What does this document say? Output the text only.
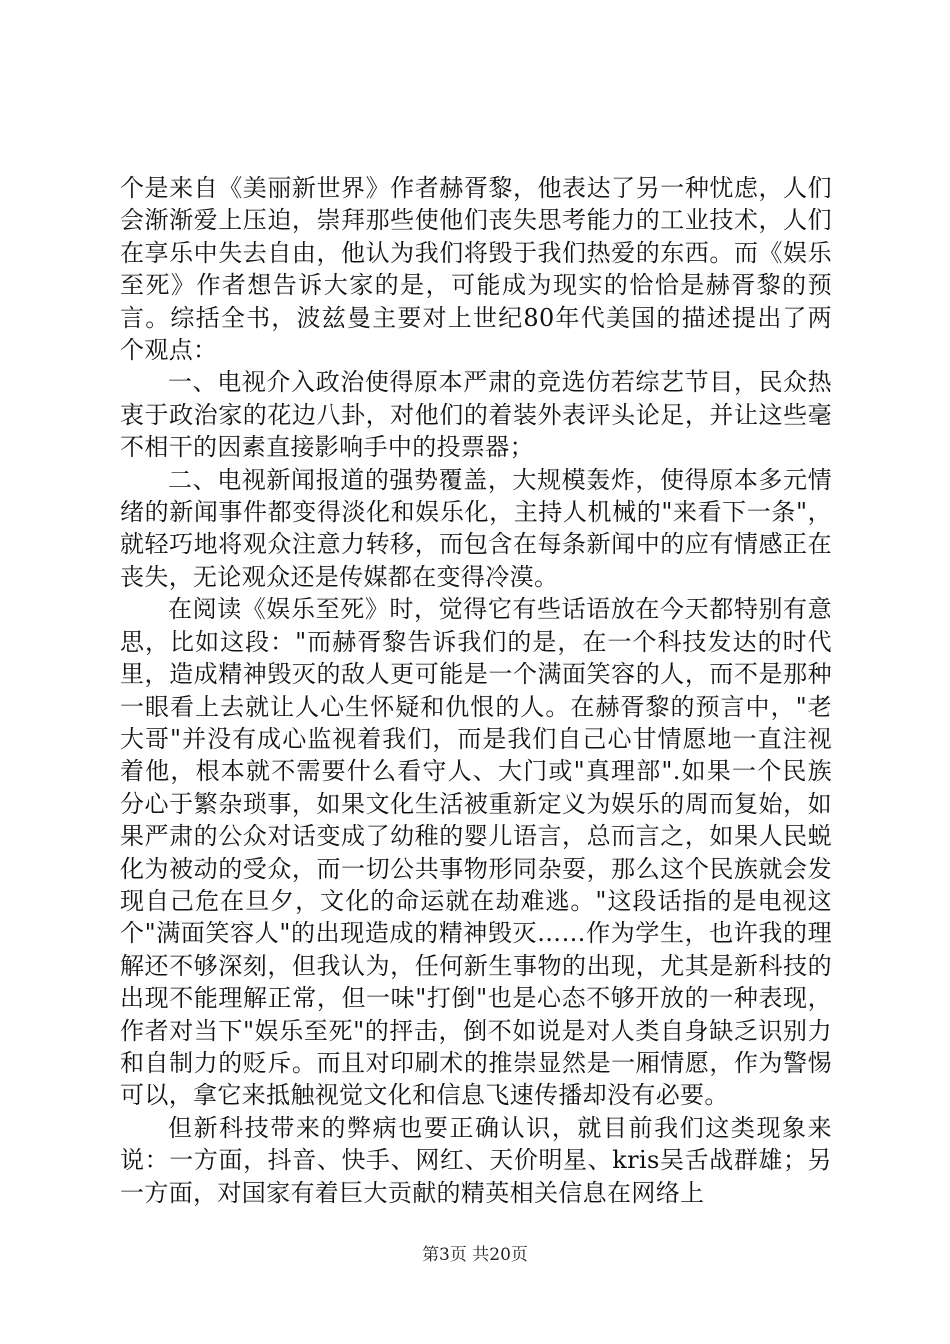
个是来自《美丽新世界》作者赫胥黎，他表达了另一种忧虑，人们会渐渐爱上压迫，崇拜那些使他们丧失思考能力的工业技术，人们在享乐中失去自由，他认为我们将毁于我们热爱的东西。而《娱乐至死》作者想告诉大家的是，可能成为现实的恰恰是赫胥黎的预言。综括全书，波兹曼主要对上世纪80年代美国的描述提出了两个观点：

一、电视介入政治使得原本严肃的竞选仿若综艺节目，民众热衷于政治家的花边八卦，对他们的着装外表评头论足，并让这些毫不相干的因素直接影响手中的投票器；

二、电视新闻报道的强势覆盖，大规模轰炸，使得原本多元情绪的新闻事件都变得淡化和娱乐化，主持人机械的"来看下一条"，就轻巧地将观众注意力转移，而包含在每条新闻中的应有情感正在丧失，无论观众还是传媒都在变得冷漠。

在阅读《娱乐至死》时，觉得它有些话语放在今天都特别有意思，比如这段："而赫胥黎告诉我们的是，在一个科技发达的时代里，造成精神毁灭的敌人更可能是一个满面笑容的人，而不是那种一眼看上去就让人心生怀疑和仇恨的人。在赫胥黎的预言中，"老大哥"并没有成心监视着我们，而是我们自己心甘情愿地一直注视着他，根本就不需要什么看守人、大门或"真理部".如果一个民族分心于繁杂琐事，如果文化生活被重新定义为娱乐的周而复始，如果严肃的公众对话变成了幼稚的婴儿语言，总而言之，如果人民蜕化为被动的受众，而一切公共事物形同杂耍，那么这个民族就会发现自己危在旦夕，文化的命运就在劫难逃。"这段话指的是电视这个"满面笑容人"的出现造成的精神毁灭……作为学生，也许我的理解还不够深刻，但我认为，任何新生事物的出现，尤其是新科技的出现不能理解正常，但一味"打倒"也是心态不够开放的一种表现，作者对当下"娱乐至死"的抨击，倒不如说是对人类自身缺乏识别力和自制力的贬斥。而且对印刷术的推崇显然是一厢情愿，作为警惕可以，拿它来抵触视觉文化和信息飞速传播却没有必要。

但新科技带来的弊病也要正确认识，就目前我们这类现象来说：一方面，抖音、快手、网红、天价明星、kris吴舌战群雄；另一方面，对国家有着巨大贡献的精英相关信息在网络上

第3页 共20页
